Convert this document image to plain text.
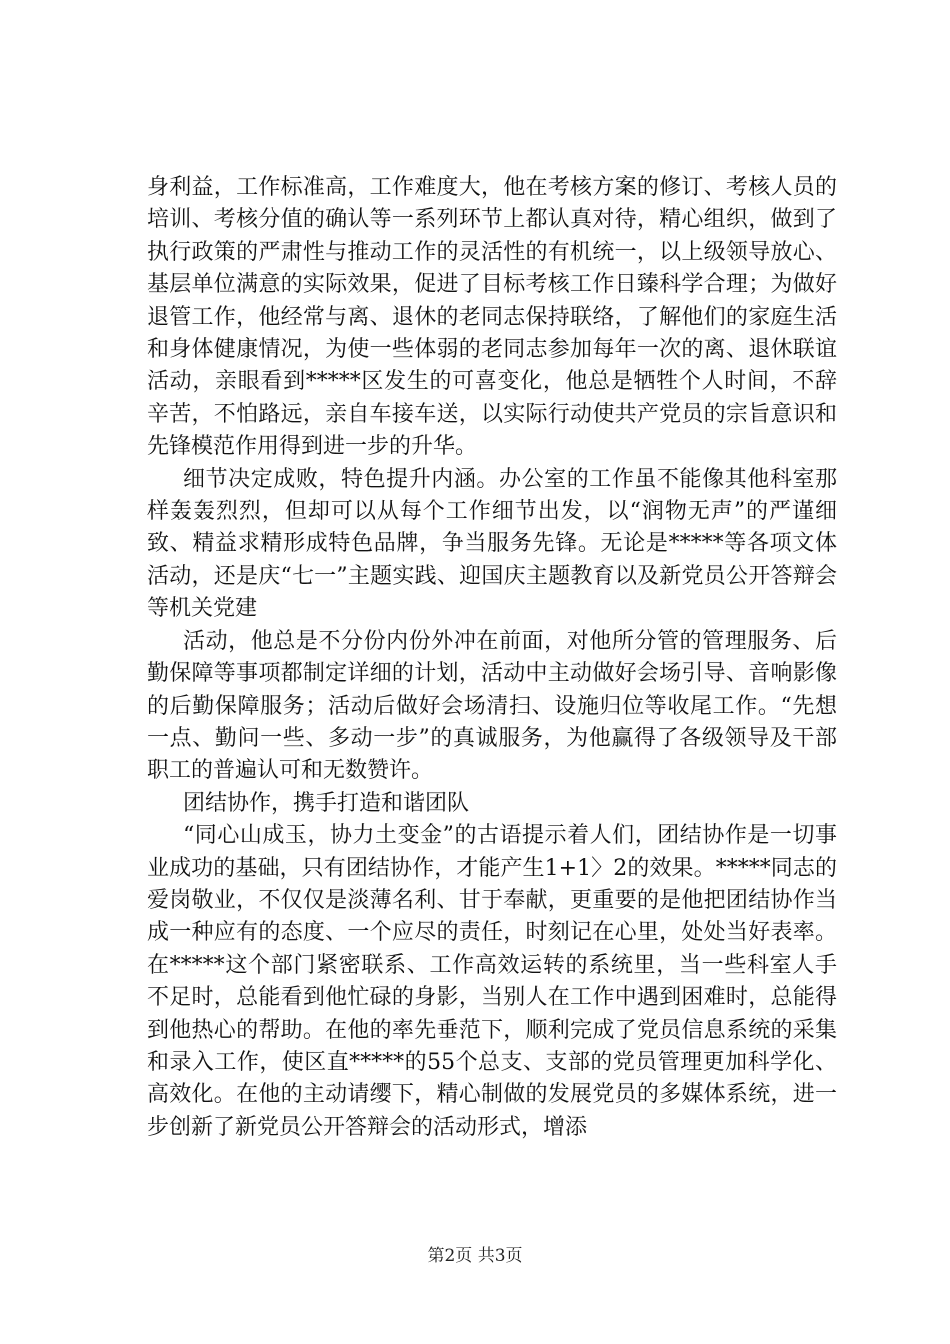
身利益，工作标准高，工作难度大，他在考核方案的修订、考核人员的培训、考核分值的确认等一系列环节上都认真对待，精心组织，做到了执行政策的严肃性与推动工作的灵活性的有机统一，以上级领导放心、基层单位满意的实际效果，促进了目标考核工作日臻科学合理；为做好退管工作，他经常与离、退休的老同志保持联络，了解他们的家庭生活和身体健康情况，为使一些体弱的老同志参加每年一次的离、退休联谊活动，亲眼看到*****区发生的可喜变化，他总是牺牲个人时间，不辞辛苦，不怕路远，亲自车接车送，以实际行动使共产党员的宗旨意识和先锋模范作用得到进一步的升华。

细节决定成败，特色提升内涵。办公室的工作虽不能像其他科室那样轰轰烈烈，但却可以从每个工作细节出发，以“润物无声”的严谨细致、精益求精形成特色品牌，争当服务先锋。无论是*****等各项文体活动，还是庆“七一”主题实践、迎国庆主题教育以及新党员公开答辩会等机关党建

活动，他总是不分份内份外冲在前面，对他所分管的管理服务、后勤保障等事项都制定详细的计划，活动中主动做好会场引导、音响影像的后勤保障服务；活动后做好会场清扫、设施归位等收尾工作。“先想一点、勤问一些、多动一步”的真诚服务，为他赢得了各级领导及干部职工的普遍认可和无数赞许。

团结协作，携手打造和谐团队

“同心山成玉，协力土变金”的古语提示着人们，团结协作是一切事业成功的基础，只有团结协作，才能产生1+1〉2的效果。*****同志的爱岗敬业，不仅仅是淡薄名利、甘于奉献，更重要的是他把团结协作当成一种应有的态度、一个应尽的责任，时刻记在心里，处处当好表率。在*****这个部门紧密联系、工作高效运转的系统里，当一些科室人手不足时，总能看到他忙碌的身影，当别人在工作中遇到困难时，总能得到他热心的帮助。在他的率先垂范下，顺利完成了党员信息系统的采集和录入工作，使区直*****的55个总支、支部的党员管理更加科学化、高效化。在他的主动请缨下，精心制做的发展党员的多媒体系统，进一步创新了新党员公开答辩会的活动形式，增添

第2页 共3页
